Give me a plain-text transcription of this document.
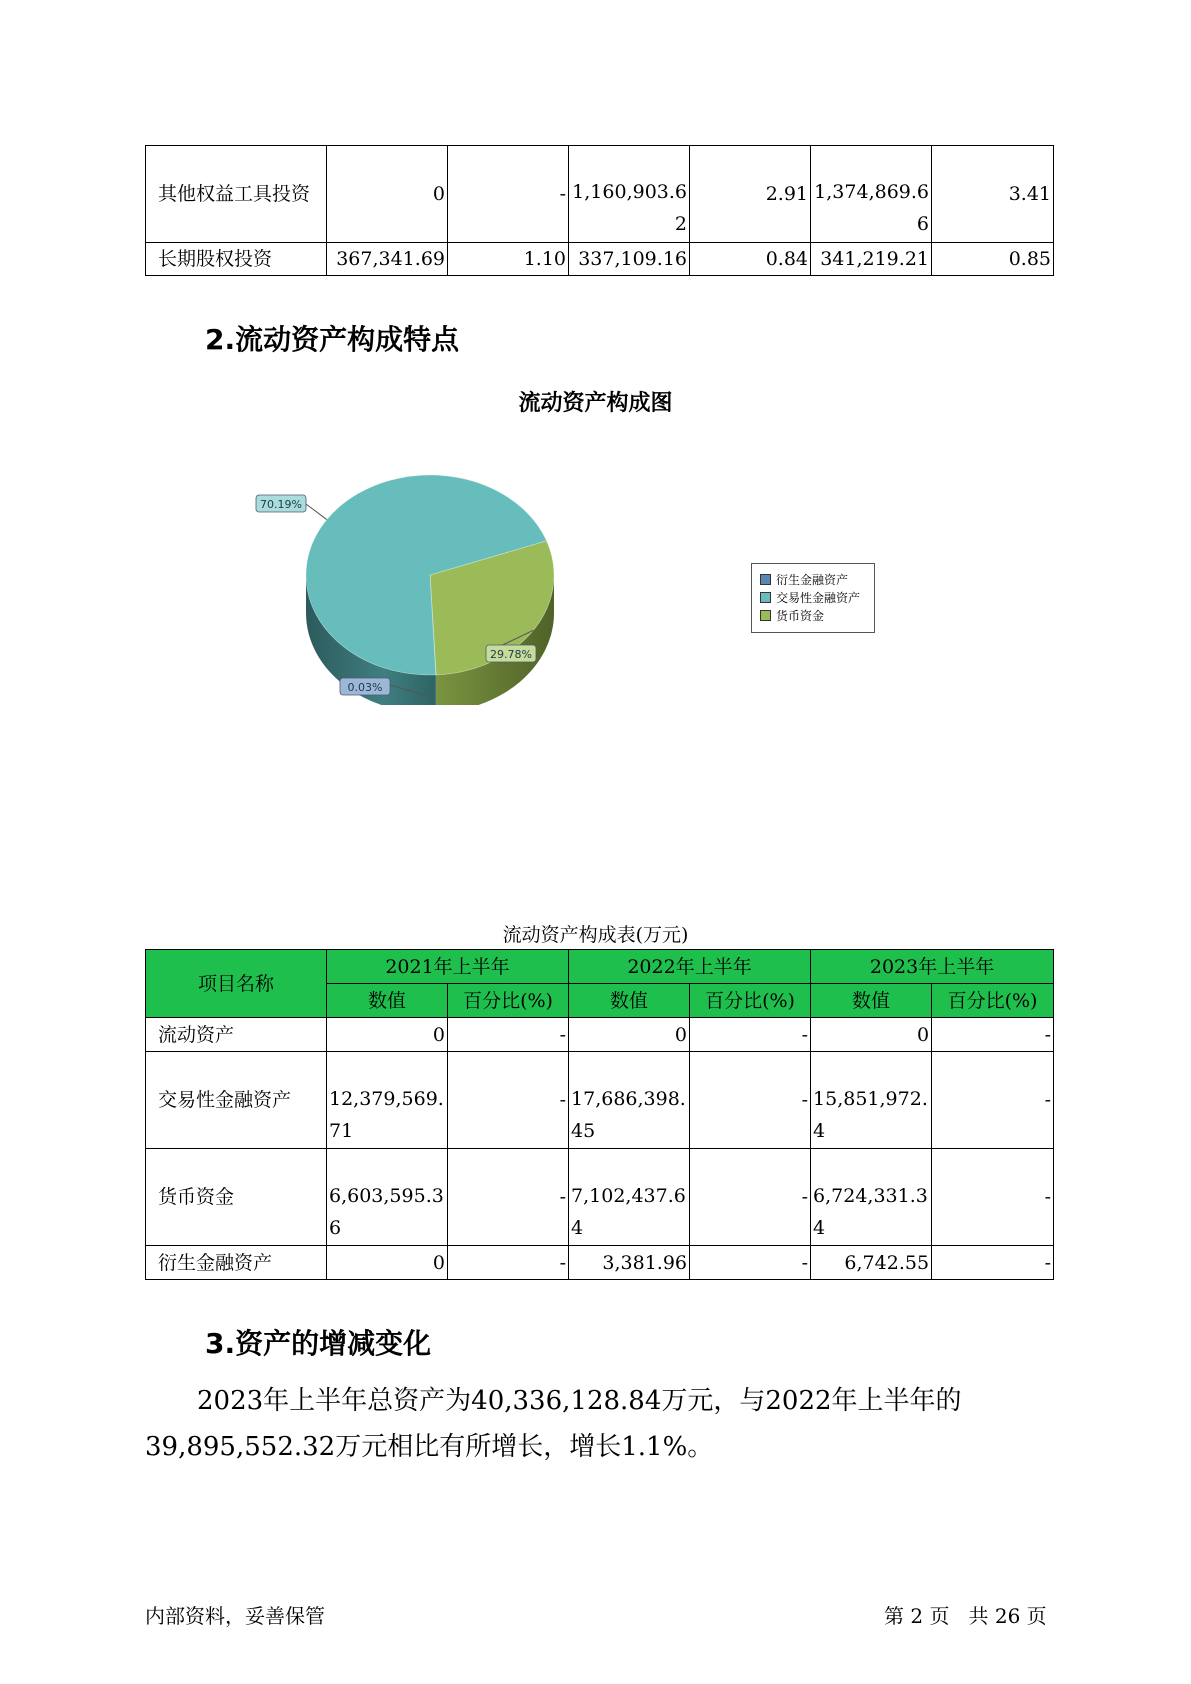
其他权益工具投资	0	-	1,160,903.62	2.91	1,374,869.66	3.41
长期股权投资	367,341.69	1.10	337,109.16	0.84	341,219.21	0.85
2.流动资产构成特点
流动资产构成图
29.78%
0.03%
70.19%
衍生金融资产
交易性金融资产
货币资金
流动资产构成表(万元)
项目名称	2021年上半年		2022年上半年		2023年上半年	
	数值	百分比(%)	数值	百分比(%)	数值	百分比(%)
流动资产	0	-	0	-	0	-
交易性金融资产	12,379,569.71	-	17,686,398.45	-	15,851,972.4	-
货币资金	6,603,595.36	-	7,102,437.64	-	6,724,331.34	-
衍生金融资产	0	-	3,381.96	-	6,742.55	-
3.资产的增减变化

2023年上半年总资产为40,336,128.84万元，与2022年上半年的39,895,552.32万元相比有所增长，增长1.1%。

内部资料，妥善保管	第 2 页   共 26 页
